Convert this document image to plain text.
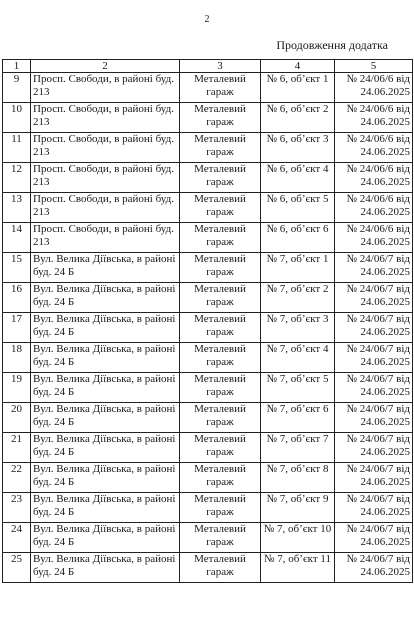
2
Продовження додатка
1	2	3	4	5
9	Просп. Свободи, в районі буд. 213	Металевий гараж	№ 6, об’єкт 1	№ 24/06/6 від 24.06.2025
10	Просп. Свободи, в районі буд. 213	Металевий гараж	№ 6, об’єкт 2	№ 24/06/6 від 24.06.2025
11	Просп. Свободи, в районі буд. 213	Металевий гараж	№ 6, об’єкт 3	№ 24/06/6 від 24.06.2025
12	Просп. Свободи, в районі буд. 213	Металевий гараж	№ 6, об’єкт 4	№ 24/06/6 від 24.06.2025
13	Просп. Свободи, в районі буд. 213	Металевий гараж	№ 6, об’єкт 5	№ 24/06/6 від 24.06.2025
14	Просп. Свободи, в районі буд. 213	Металевий гараж	№ 6, об’єкт 6	№ 24/06/6 від 24.06.2025
15	Вул. Велика Діївська, в районі буд. 24 Б	Металевий гараж	№ 7, об’єкт 1	№ 24/06/7 від 24.06.2025
16	Вул. Велика Діївська, в районі буд. 24 Б	Металевий гараж	№ 7, об’єкт 2	№ 24/06/7 від 24.06.2025
17	Вул. Велика Діївська, в районі буд. 24 Б	Металевий гараж	№ 7, об’єкт 3	№ 24/06/7 від 24.06.2025
18	Вул. Велика Діївська, в районі буд. 24 Б	Металевий гараж	№ 7, об’єкт 4	№ 24/06/7 від 24.06.2025
19	Вул. Велика Діївська, в районі буд. 24 Б	Металевий гараж	№ 7, об’єкт 5	№ 24/06/7 від 24.06.2025
20	Вул. Велика Діївська, в районі буд. 24 Б	Металевий гараж	№ 7, об’єкт 6	№ 24/06/7 від 24.06.2025
21	Вул. Велика Діївська, в районі буд. 24 Б	Металевий гараж	№ 7, об’єкт 7	№ 24/06/7 від 24.06.2025
22	Вул. Велика Діївська, в районі буд. 24 Б	Металевий гараж	№ 7, об’єкт 8	№ 24/06/7 від 24.06.2025
23	Вул. Велика Діївська, в районі буд. 24 Б	Металевий гараж	№ 7, об’єкт 9	№ 24/06/7 від 24.06.2025
24	Вул. Велика Діївська, в районі буд. 24 Б	Металевий гараж	№ 7, об’єкт 10	№ 24/06/7 від 24.06.2025
25	Вул. Велика Діївська, в районі буд. 24 Б	Металевий гараж	№ 7, об’єкт 11	№ 24/06/7 від 24.06.2025
